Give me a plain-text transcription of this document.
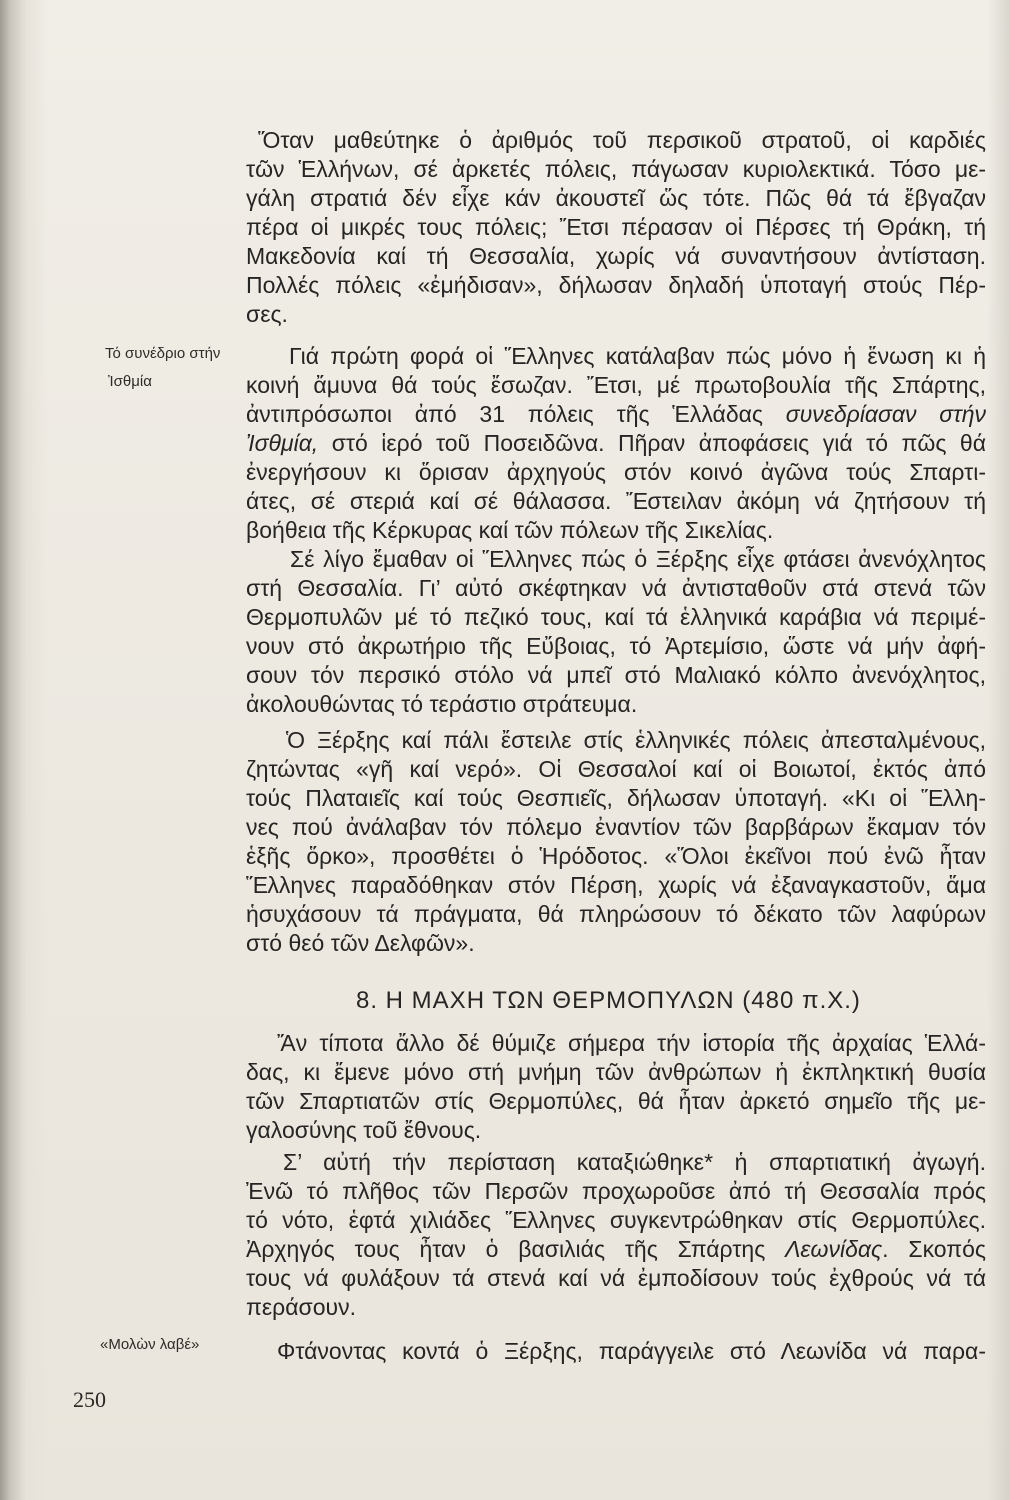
Τό συνέδριο στήν
Ἰσθμία
«Μολὼν λαβέ»
Ὅταν μαθεύτηκε ὁ ἀριθμός τοῦ περσικοῦ στρατοῦ, οἱ καρδιές
τῶν Ἑλλήνων, σέ ἀρκετές πόλεις, πάγωσαν κυριολεκτικά. Τόσο με-
γάλη στρατιά δέν εἶχε κάν ἀκουστεῖ ὥς τότε. Πῶς θά τά ἔβγαζαν
πέρα οἱ μικρές τους πόλεις; Ἔτσι πέρασαν οἱ Πέρσες τή Θράκη, τή
Μακεδονία καί τή Θεσσαλία, χωρίς νά συναντήσουν ἀντίσταση.
Πολλές πόλεις «ἐμήδισαν», δήλωσαν δηλαδή ὑποταγή στούς Πέρ-
σες.
Γιά πρώτη φορά οἱ Ἕλληνες κατάλαβαν πώς μόνο ἡ ἕνωση κι ἡ
κοινή ἄμυνα θά τούς ἔσωζαν. Ἔτσι, μέ πρωτοβουλία τῆς Σπάρτης,
ἀντιπρόσωποι ἀπό 31 πόλεις τῆς Ἑλλάδας συνεδρίασαν στήν
Ἰσθμία, στό ἱερό τοῦ Ποσειδῶνα. Πῆραν ἀποφάσεις γιά τό πῶς θά
ἐνεργήσουν κι ὅρισαν ἀρχηγούς στόν κοινό ἀγῶνα τούς Σπαρτι-
άτες, σέ στεριά καί σέ θάλασσα. Ἔστειλαν ἀκόμη νά ζητήσουν τή
βοήθεια τῆς Κέρκυρας καί τῶν πόλεων τῆς Σικελίας.
Σέ λίγο ἔμαθαν οἱ Ἕλληνες πώς ὁ Ξέρξης εἶχε φτάσει ἀνενόχλητος
στή Θεσσαλία. Γι’ αὐτό σκέφτηκαν νά ἀντισταθοῦν στά στενά τῶν
Θερμοπυλῶν μέ τό πεζικό τους, καί τά ἑλληνικά καράβια νά περιμέ-
νουν στό ἀκρωτήριο τῆς Εὔβοιας, τό Ἀρτεμίσιο, ὥστε νά μήν ἀφή-
σουν τόν περσικό στόλο νά μπεῖ στό Μαλιακό κόλπο ἀνενόχλητος,
ἀκολουθώντας τό τεράστιο στράτευμα.
Ὁ Ξέρξης καί πάλι ἔστειλε στίς ἑλληνικές πόλεις ἀπεσταλμένους,
ζητώντας «γῆ καί νερό». Οἱ Θεσσαλοί καί οἱ Βοιωτοί, ἐκτός ἀπό
τούς Πλαταιεῖς καί τούς Θεσπιεῖς, δήλωσαν ὑποταγή. «Κι οἱ Ἕλλη-
νες πού ἀνάλαβαν τόν πόλεμο ἐναντίον τῶν βαρβάρων ἔκαμαν τόν
ἑξῆς ὅρκο», προσθέτει ὁ Ἡρόδοτος. «Ὅλοι ἐκεῖνοι πού ἐνῶ ἦταν
Ἕλληνες παραδόθηκαν στόν Πέρση, χωρίς νά ἐξαναγκαστοῦν, ἅμα
ἡσυχάσουν τά πράγματα, θά πληρώσουν τό δέκατο τῶν λαφύρων
στό θεό τῶν Δελφῶν».
8. Η ΜΑΧΗ ΤΩΝ ΘΕΡΜΟΠΥΛΩΝ (480 π.Χ.)
Ἄν τίποτα ἄλλο δέ θύμιζε σήμερα τήν ἱστορία τῆς ἀρχαίας Ἑλλά-
δας, κι ἔμενε μόνο στή μνήμη τῶν ἀνθρώπων ἡ ἐκπληκτική θυσία
τῶν Σπαρτιατῶν στίς Θερμοπύλες, θά ἦταν ἀρκετό σημεῖο τῆς με-
γαλοσύνης τοῦ ἔθνους.
Σ’ αὐτή τήν περίσταση καταξιώθηκε* ἡ σπαρτιατική ἀγωγή.
Ἐνῶ τό πλῆθος τῶν Περσῶν προχωροῦσε ἀπό τή Θεσσαλία πρός
τό νότο, ἑφτά χιλιάδες Ἕλληνες συγκεντρώθηκαν στίς Θερμοπύλες.
Ἀρχηγός τους ἦταν ὁ βασιλιάς τῆς Σπάρτης Λεωνίδας. Σκοπός
τους νά φυλάξουν τά στενά καί νά ἐμποδίσουν τούς ἐχθρούς νά τά
περάσουν.
Φτάνοντας κοντά ὁ Ξέρξης, παράγγειλε στό Λεωνίδα νά παρα-
250
